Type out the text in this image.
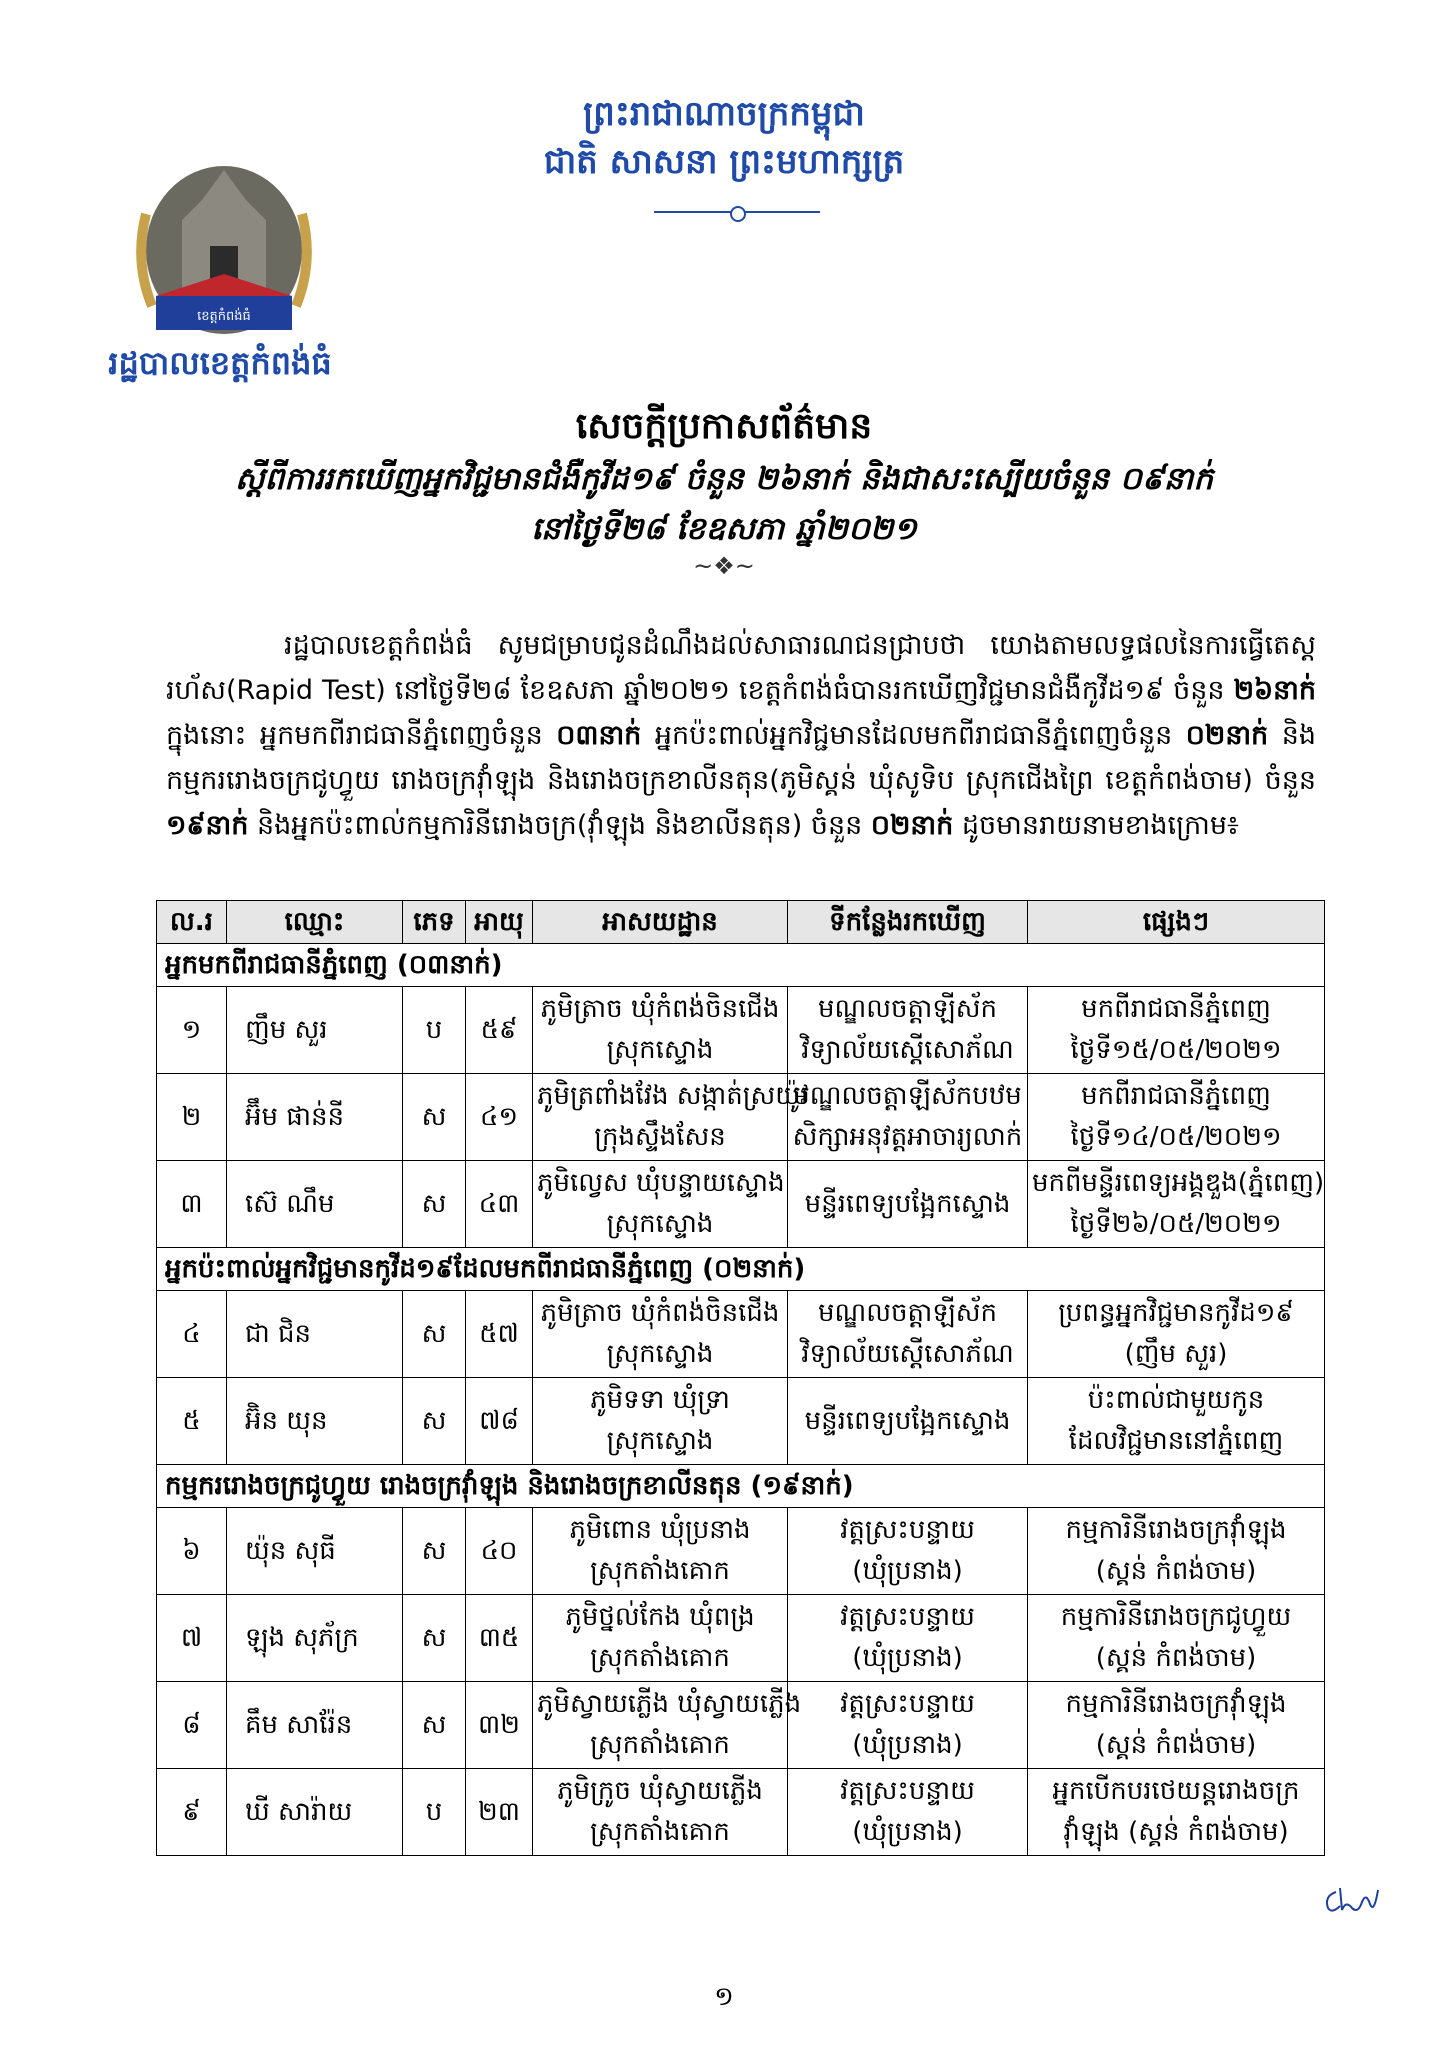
ព្រះរាជាណាចក្រកម្ពុជា
ជាតិ សាសនា ព្រះមហាក្សត្រ
ខេត្តកំពង់ធំ
រដ្ឋបាលខេត្តកំពង់ធំ
សេចក្តីប្រកាសព័ត៌មាន
ស្តីពីការរកឃើញអ្នកវិជ្ជមានជំងឺកូវីដ១៩ ចំនួន ២៦នាក់ និងជាសះស្បើយចំនួន ០៩នាក់
នៅថ្ងៃទី២៨ ខែឧសភា ឆ្នាំ២០២១
~❖~

រដ្ឋបាលខេត្តកំពង់ធំ សូមជម្រាបជូនដំណឹងដល់សាធារណជនជ្រាបថា យោងតាមលទ្ធផលនៃការធ្វើតេស្តរហ័ស(Rapid Test) នៅថ្ងៃទី២៨ ខែឧសភា ឆ្នាំ២០២១ ខេត្តកំពង់ធំបានរកឃើញវិជ្ជមានជំងឺកូវីដ១៩ ចំនួន ២៦នាក់ ក្នុងនោះ អ្នកមកពីរាជធានីភ្នំពេញចំនួន ០៣នាក់ អ្នកប៉ះពាល់អ្នកវិជ្ជមានដែលមកពីរាជធានីភ្នំពេញចំនួន ០២នាក់ និងកម្មកររោងចក្រជូហ្វួយ រោងចក្រវ៉ាំឡុង និងរោងចក្រខាលីនតុន(ភូមិស្គន់ ឃុំសូទិប ស្រុកជើងព្រៃ ខេត្តកំពង់ចាម) ចំនួន ១៩នាក់ និងអ្នកប៉ះពាល់កម្មការិនីរោងចក្រ(វ៉ាំឡុង និងខាលីនតុន) ចំនួន ០២នាក់ ដូចមានរាយនាមខាងក្រោម៖

ល.រ	ឈ្មោះ	ភេទ	អាយុ	អាសយដ្ឋាន	ទីកន្លែងរកឃើញ	ផ្សេងៗ
អ្នកមកពីរាជធានីភ្នំពេញ (០៣នាក់)						
១	ញឹម សួរ	ប	៥៩	ភូមិត្រាច ឃុំកំពង់ចិនជើង
ស្រុកស្ទោង	មណ្ឌលចត្តាឡីស័ក
វិទ្យាល័យស្តើសោភ័ណ	មកពីរាជធានីភ្នំពេញ
ថ្ងៃទី១៥/០៥/២០២១

២	អ៊ឹម ផាន់នី	ស	៤១	ភូមិត្រពាំងវែង សង្កាត់ស្រយ៉ូវ
ក្រុងស្ទឹងសែន	មណ្ឌលចត្តាឡីស័កបឋម
សិក្សាអនុវត្តអាចារ្យលាក់	មកពីរាជធានីភ្នំពេញ
ថ្ងៃទី១៤/០៥/២០២១

៣	ស៊េ ណឹម	ស	៤៣	ភូមិល្វេស ឃុំបន្ទាយស្ទោង
ស្រុកស្ទោង	មន្ទីរពេទ្យបង្អែកស្ទោង	មកពីមន្ទីរពេទ្យអង្គឌួង(ភ្នំពេញ)
ថ្ងៃទី២៦/០៥/២០២១

អ្នកប៉ះពាល់អ្នកវិជ្ជមានកូវីដ១៩ដែលមកពីរាជធានីភ្នំពេញ (០២នាក់)						
៤	ជា ជិន	ស	៥៧	ភូមិត្រាច ឃុំកំពង់ចិនជើង
ស្រុកស្ទោង	មណ្ឌលចត្តាឡីស័ក
វិទ្យាល័យស្តើសោភ័ណ	ប្រពន្ធអ្នកវិជ្ជមានកូវីដ១៩
(ញឹម សួរ)

៥	អ៊ិន យុន	ស	៧៨	ភូមិទទា ឃុំទ្រា
ស្រុកស្ទោង	មន្ទីរពេទ្យបង្អែកស្ទោង	ប៉ះពាល់ជាមួយកូន
ដែលវិជ្ជមាននៅភ្នំពេញ

កម្មកររោងចក្រជូហ្វួយ រោងចក្រវ៉ាំឡុង និងរោងចក្រខាលីនតុន (១៩នាក់)						
៦	យ៉ុន សុធី	ស	៤០	ភូមិពោន ឃុំប្រនាង
ស្រុកតាំងគោក	វត្តស្រះបន្ទាយ
(ឃុំប្រនាង)	កម្មការិនីរោងចក្រវ៉ាំឡុង
(ស្គន់ កំពង់ចាម)

៧	ឡុង សុភ័ក្រ	ស	៣៥	ភូមិថ្នល់កែង ឃុំពង្រ
ស្រុកតាំងគោក	វត្តស្រះបន្ទាយ
(ឃុំប្រនាង)	កម្មការិនីរោងចក្រជូហ្វួយ
(ស្គន់ កំពង់ចាម)

៨	គឹម សារ៉ែន	ស	៣២	ភូមិស្វាយភ្លើង ឃុំស្វាយភ្លើង
ស្រុកតាំងគោក	វត្តស្រះបន្ទាយ
(ឃុំប្រនាង)	កម្មការិនីរោងចក្រវ៉ាំឡុង
(ស្គន់ កំពង់ចាម)

៩	ឃី សារ៉ាយ	ប	២៣	ភូមិក្រូច ឃុំស្វាយភ្លើង
ស្រុកតាំងគោក	វត្តស្រះបន្ទាយ
(ឃុំប្រនាង)	អ្នកបើកបរថេយន្តរោងចក្រ
វ៉ាំឡុង (ស្គន់ កំពង់ចាម)
១
